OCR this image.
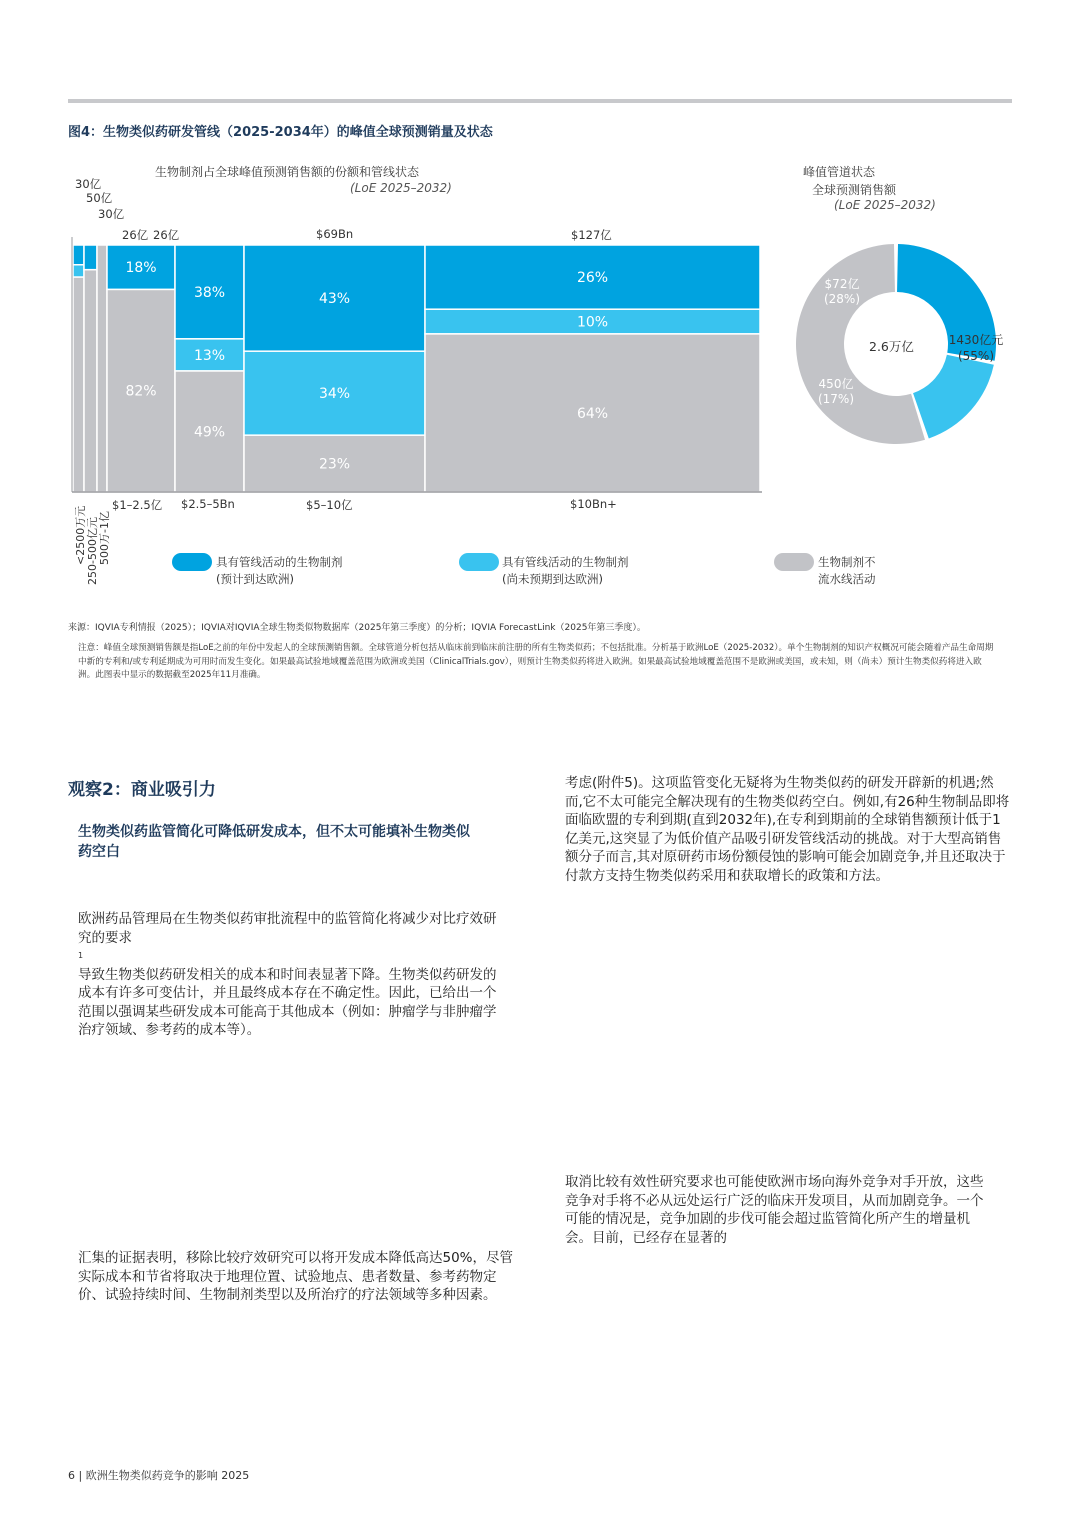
图4：生物类似药研发管线（2025-2034年）的峰值全球预测销量及状态
生物制剂占全球峰值预测销售额的份额和管线状态
(LoE 2025–2032)
峰值管道状态
全球预测销售额
(LoE 2025–2032)
18%
82%
38%
13%
49%
43%
34%
23%
26%
10%
64%
30亿
50亿
30亿
26亿 26亿	$69Bn	$127亿
<2500万元 250-500亿元 500万-1亿
$1–2.5亿 $2.5–5Bn	$5–10亿	$10Bn+
2.6万亿
$72亿
(28%)
450亿
(17%)
1430亿元
(55%)
具有管线活动的生物制剂
(预计到达欧洲)
具有管线活动的生物制剂
(尚未预期到达欧洲)
生物制剂不
流水线活动
来源：IQVIA专利情报（2025）；IQVIA对IQVIA全球生物类似物数据库（2025年第三季度）的分析；IQVIA ForecastLink（2025年第三季度）。
注意：峰值全球预测销售额是指LoE之前的年份中发起人的全球预测销售额。全球管道分析包括从临床前到临床前注册的所有生物类似药；不包括批准。分析基于欧洲LoE（2025-2032）。单个生物制剂的知识产权概况可能会随着产品生命周期中新的专利和/或专利延期成为可用时而发生变化。如果最高试验地域覆盖范围为欧洲或美国（ClinicalTrials.gov），则预计生物类似药将进入欧洲。如果最高试验地域覆盖范围不是欧洲或美国，或未知，则（尚未）预计生物类似药将进入欧洲。此图表中显示的数据截至2025年11月准确。
观察2：商业吸引力
生物类似药监管简化可降低研发成本，但不太可能填补生物类似药空白
欧洲药品管理局在生物类似药审批流程中的监管简化将减少对比疗效研究的要求
1
导致生物类似药研发相关的成本和时间表显著下降。生物类似药研发的成本有许多可变估计，并且最终成本存在不确定性。因此，已给出一个范围以强调某些研发成本可能高于其他成本（例如：肿瘤学与非肿瘤学治疗领域、参考药的成本等）。
汇集的证据表明，移除比较疗效研究可以将开发成本降低高达50%，尽管实际成本和节省将取决于地理位置、试验地点、患者数量、参考药物定价、试验持续时间、生物制剂类型以及所治疗的疗法领域等多种因素。
考虑(附件5)。这项监管变化无疑将为生物类似药的研发开辟新的机遇;然而,它不太可能完全解决现有的生物类似药空白。例如,有26种生物制品即将面临欧盟的专利到期(直到2032年),在专利到期前的全球销售额预计低于1亿美元,这突显了为低价值产品吸引研发管线活动的挑战。对于大型高销售额分子而言,其对原研药市场份额侵蚀的影响可能会加剧竞争,并且还取决于付款方支持生物类似药采用和获取增长的政策和方法。
取消比较有效性研究要求也可能使欧洲市场向海外竞争对手开放，这些竞争对手将不必从远处运行广泛的临床开发项目，从而加剧竞争。一个可能的情况是，竞争加剧的步伐可能会超过监管简化所产生的增量机会。目前，已经存在显著的
6 | 欧洲生物类似药竞争的影响 2025
